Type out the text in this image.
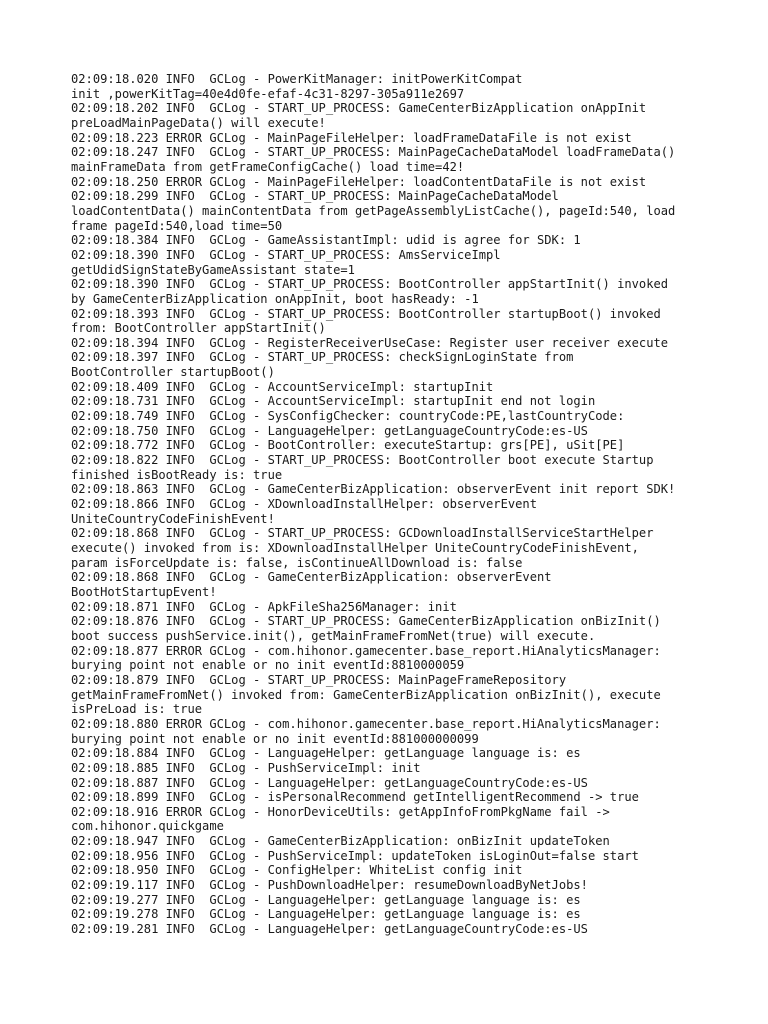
02:09:18.020 INFO  GCLog - PowerKitManager: initPowerKitCompat
init ,powerKitTag=40e4d0fe-efaf-4c31-8297-305a911e2697
02:09:18.202 INFO  GCLog - START_UP_PROCESS: GameCenterBizApplication onAppInit
preLoadMainPageData() will execute!
02:09:18.223 ERROR GCLog - MainPageFileHelper: loadFrameDataFile is not exist
02:09:18.247 INFO  GCLog - START_UP_PROCESS: MainPageCacheDataModel loadFrameData()
mainFrameData from getFrameConfigCache() load time=42!
02:09:18.250 ERROR GCLog - MainPageFileHelper: loadContentDataFile is not exist
02:09:18.299 INFO  GCLog - START_UP_PROCESS: MainPageCacheDataModel
loadContentData() mainContentData from getPageAssemblyListCache(), pageId:540, load
frame pageId:540,load time=50
02:09:18.384 INFO  GCLog - GameAssistantImpl: udid is agree for SDK: 1
02:09:18.390 INFO  GCLog - START_UP_PROCESS: AmsServiceImpl
getUdidSignStateByGameAssistant state=1
02:09:18.390 INFO  GCLog - START_UP_PROCESS: BootController appStartInit() invoked
by GameCenterBizApplication onAppInit, boot hasReady: -1
02:09:18.393 INFO  GCLog - START_UP_PROCESS: BootController startupBoot() invoked
from: BootController appStartInit()
02:09:18.394 INFO  GCLog - RegisterReceiverUseCase: Register user receiver execute
02:09:18.397 INFO  GCLog - START_UP_PROCESS: checkSignLoginState from
BootController startupBoot()
02:09:18.409 INFO  GCLog - AccountServiceImpl: startupInit
02:09:18.731 INFO  GCLog - AccountServiceImpl: startupInit end not login
02:09:18.749 INFO  GCLog - SysConfigChecker: countryCode:PE,lastCountryCode:
02:09:18.750 INFO  GCLog - LanguageHelper: getLanguageCountryCode:es-US
02:09:18.772 INFO  GCLog - BootController: executeStartup: grs[PE], uSit[PE]
02:09:18.822 INFO  GCLog - START_UP_PROCESS: BootController boot execute Startup
finished isBootReady is: true
02:09:18.863 INFO  GCLog - GameCenterBizApplication: observerEvent init report SDK!
02:09:18.866 INFO  GCLog - XDownloadInstallHelper: observerEvent
UniteCountryCodeFinishEvent!
02:09:18.868 INFO  GCLog - START_UP_PROCESS: GCDownloadInstallServiceStartHelper
execute() invoked from is: XDownloadInstallHelper UniteCountryCodeFinishEvent,
param isForceUpdate is: false, isContinueAllDownload is: false
02:09:18.868 INFO  GCLog - GameCenterBizApplication: observerEvent
BootHotStartupEvent!
02:09:18.871 INFO  GCLog - ApkFileSha256Manager: init
02:09:18.876 INFO  GCLog - START_UP_PROCESS: GameCenterBizApplication onBizInit()
boot success pushService.init(), getMainFrameFromNet(true) will execute.
02:09:18.877 ERROR GCLog - com.hihonor.gamecenter.base_report.HiAnalyticsManager:
burying point not enable or no init eventId:8810000059
02:09:18.879 INFO  GCLog - START_UP_PROCESS: MainPageFrameRepository
getMainFrameFromNet() invoked from: GameCenterBizApplication onBizInit(), execute
isPreLoad is: true
02:09:18.880 ERROR GCLog - com.hihonor.gamecenter.base_report.HiAnalyticsManager:
burying point not enable or no init eventId:881000000099
02:09:18.884 INFO  GCLog - LanguageHelper: getLanguage language is: es
02:09:18.885 INFO  GCLog - PushServiceImpl: init
02:09:18.887 INFO  GCLog - LanguageHelper: getLanguageCountryCode:es-US
02:09:18.899 INFO  GCLog - isPersonalRecommend getIntelligentRecommend -> true
02:09:18.916 ERROR GCLog - HonorDeviceUtils: getAppInfoFromPkgName fail ->
com.hihonor.quickgame
02:09:18.947 INFO  GCLog - GameCenterBizApplication: onBizInit updateToken
02:09:18.956 INFO  GCLog - PushServiceImpl: updateToken isLoginOut=false start
02:09:18.950 INFO  GCLog - ConfigHelper: WhiteList config init
02:09:19.117 INFO  GCLog - PushDownloadHelper: resumeDownloadByNetJobs!
02:09:19.277 INFO  GCLog - LanguageHelper: getLanguage language is: es
02:09:19.278 INFO  GCLog - LanguageHelper: getLanguage language is: es
02:09:19.281 INFO  GCLog - LanguageHelper: getLanguageCountryCode:es-US
